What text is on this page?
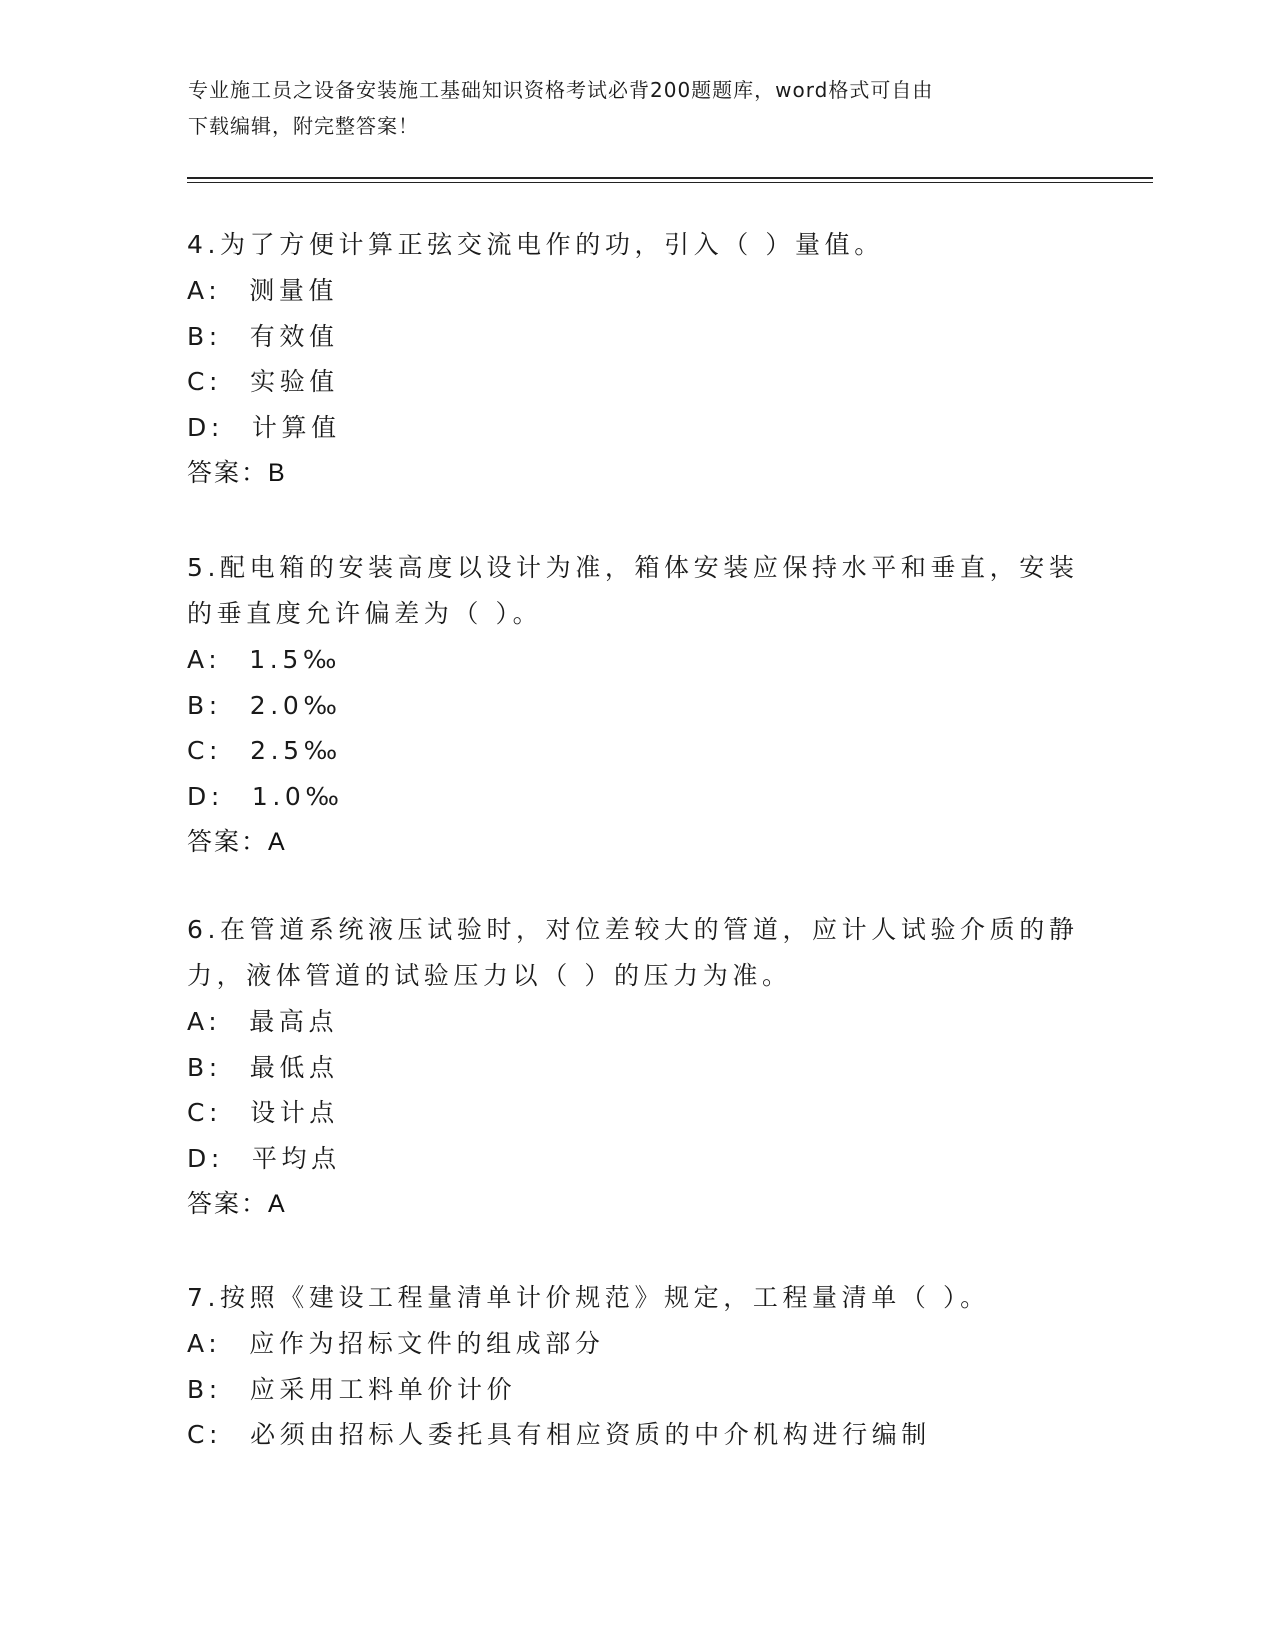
专业施工员之设备安装施工基础知识资格考试必背200题题库，word格式可自由
下载编辑，附完整答案！
4.为了方便计算正弦交流电作的功，引入（ ）量值。
A: 测量值
B: 有效值
C: 实验值
D: 计算值
答案：B
5.配电箱的安装高度以设计为准，箱体安装应保持水平和垂直，安装
的垂直度允许偏差为（ ）。
A: 1.5‰
B: 2.0‰
C: 2.5‰
D: 1.0‰
答案：A
6.在管道系统液压试验时，对位差较大的管道，应计人试验介质的静
力，液体管道的试验压力以（ ）的压力为准。
A: 最高点
B: 最低点
C: 设计点
D: 平均点
答案：A
7.按照《建设工程量清单计价规范》规定，工程量清单（ ）。
A: 应作为招标文件的组成部分
B: 应采用工料单价计价
C: 必须由招标人委托具有相应资质的中介机构进行编制
